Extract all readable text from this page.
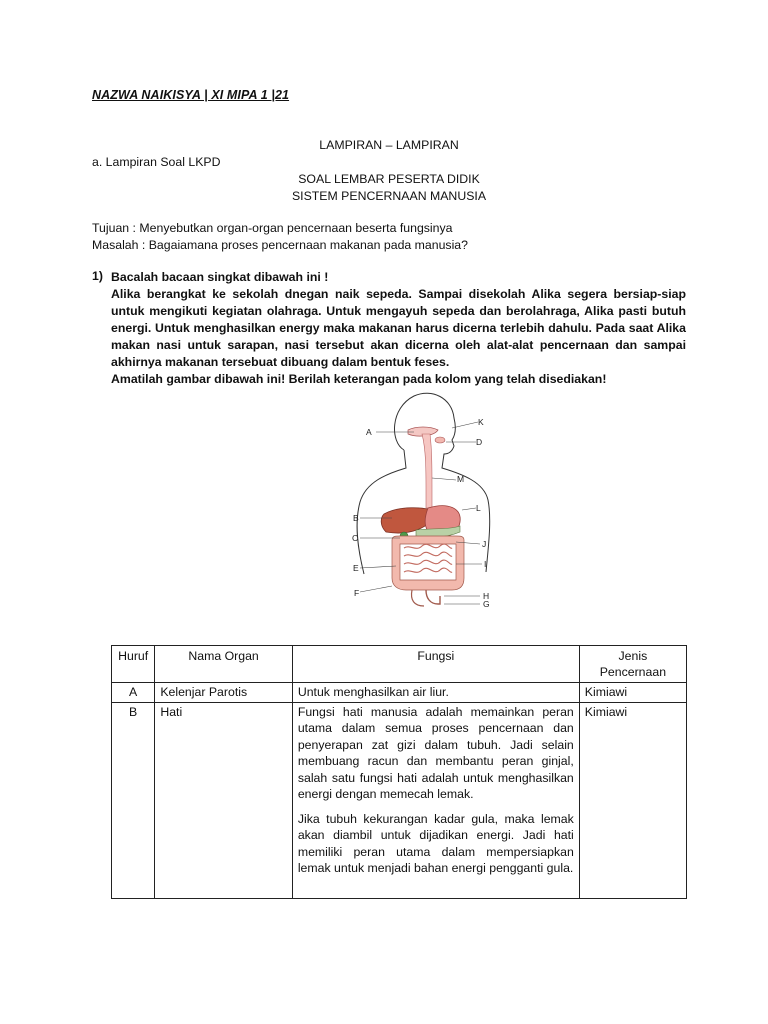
NAZWA NAIKISYA | XI MIPA 1 |21
LAMPIRAN – LAMPIRAN
a. Lampiran Soal LKPD
SOAL LEMBAR PESERTA DIDIK
SISTEM PENCERNAAN MANUSIA
Tujuan : Menyebutkan organ-organ pencernaan beserta fungsinya
Masalah : Bagaiamana proses pencernaan makanan pada manusia?
1) Bacalah bacaan singkat dibawah ini !

Alika berangkat ke sekolah dnegan naik sepeda. Sampai disekolah Alika segera bersiap-siap untuk mengikuti kegiatan olahraga. Untuk mengayuh sepeda dan berolahraga, Alika pasti butuh energi. Untuk menghasilkan energy maka makanan harus dicerna terlebih dahulu. Pada saat Alika makan nasi untuk sarapan, nasi tersebut akan dicerna oleh alat-alat pencernaan dan sampai akhirnya makanan tersebuat dibuang dalam bentuk feses.

Amatilah gambar dibawah ini! Berilah keterangan pada kolom yang telah disediakan!

A
K
D
M
B
L
C
J
E	I
F	H
G
Huruf	Nama Organ	Fungsi	Jenis Pencernaan
A	Kelenjar Parotis	Untuk menghasilkan air liur.	Kimiawi
B	Hati	Fungsi hati manusia adalah memainkan peran utama dalam semua proses pencernaan dan penyerapan zat gizi dalam tubuh. Jadi selain membuang racun dan membantu peran ginjal, salah satu fungsi hati adalah untuk menghasilkan energi dengan memecah lemak.

Jika tubuh kekurangan kadar gula, maka lemak akan diambil untuk dijadikan energi. Jadi hati memiliki peran utama dalam mempersiapkan lemak untuk menjadi bahan energi pengganti gula.	Kimiawi
